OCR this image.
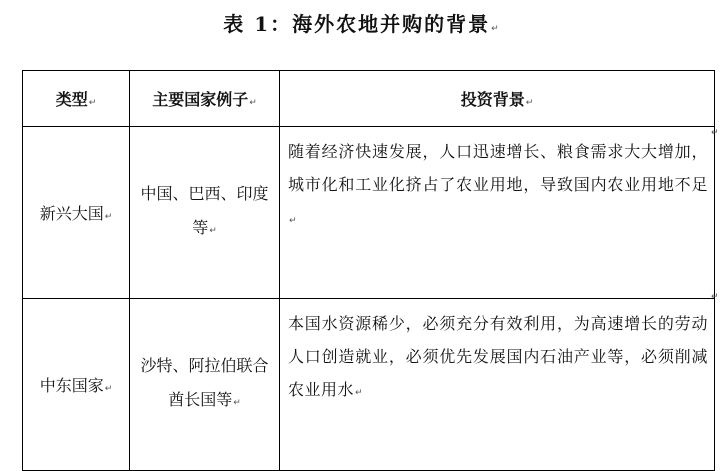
表 1：海外农地并购的背景↵
类型↵	主要国家例子↵	投资背景↵
新兴大国↵	中国、巴西、印度等↵	随着经济快速发展，人口迅速增长、粮食需求大大增加，城市化和工业化挤占了农业用地，导致国内农业用地不足↵
中东国家↵	沙特、阿拉伯联合酋长国等↵	本国水资源稀少，必须充分有效利用，为高速增长的劳动人口创造就业，必须优先发展国内石油产业等，必须削减农业用水↵
↵
↵
